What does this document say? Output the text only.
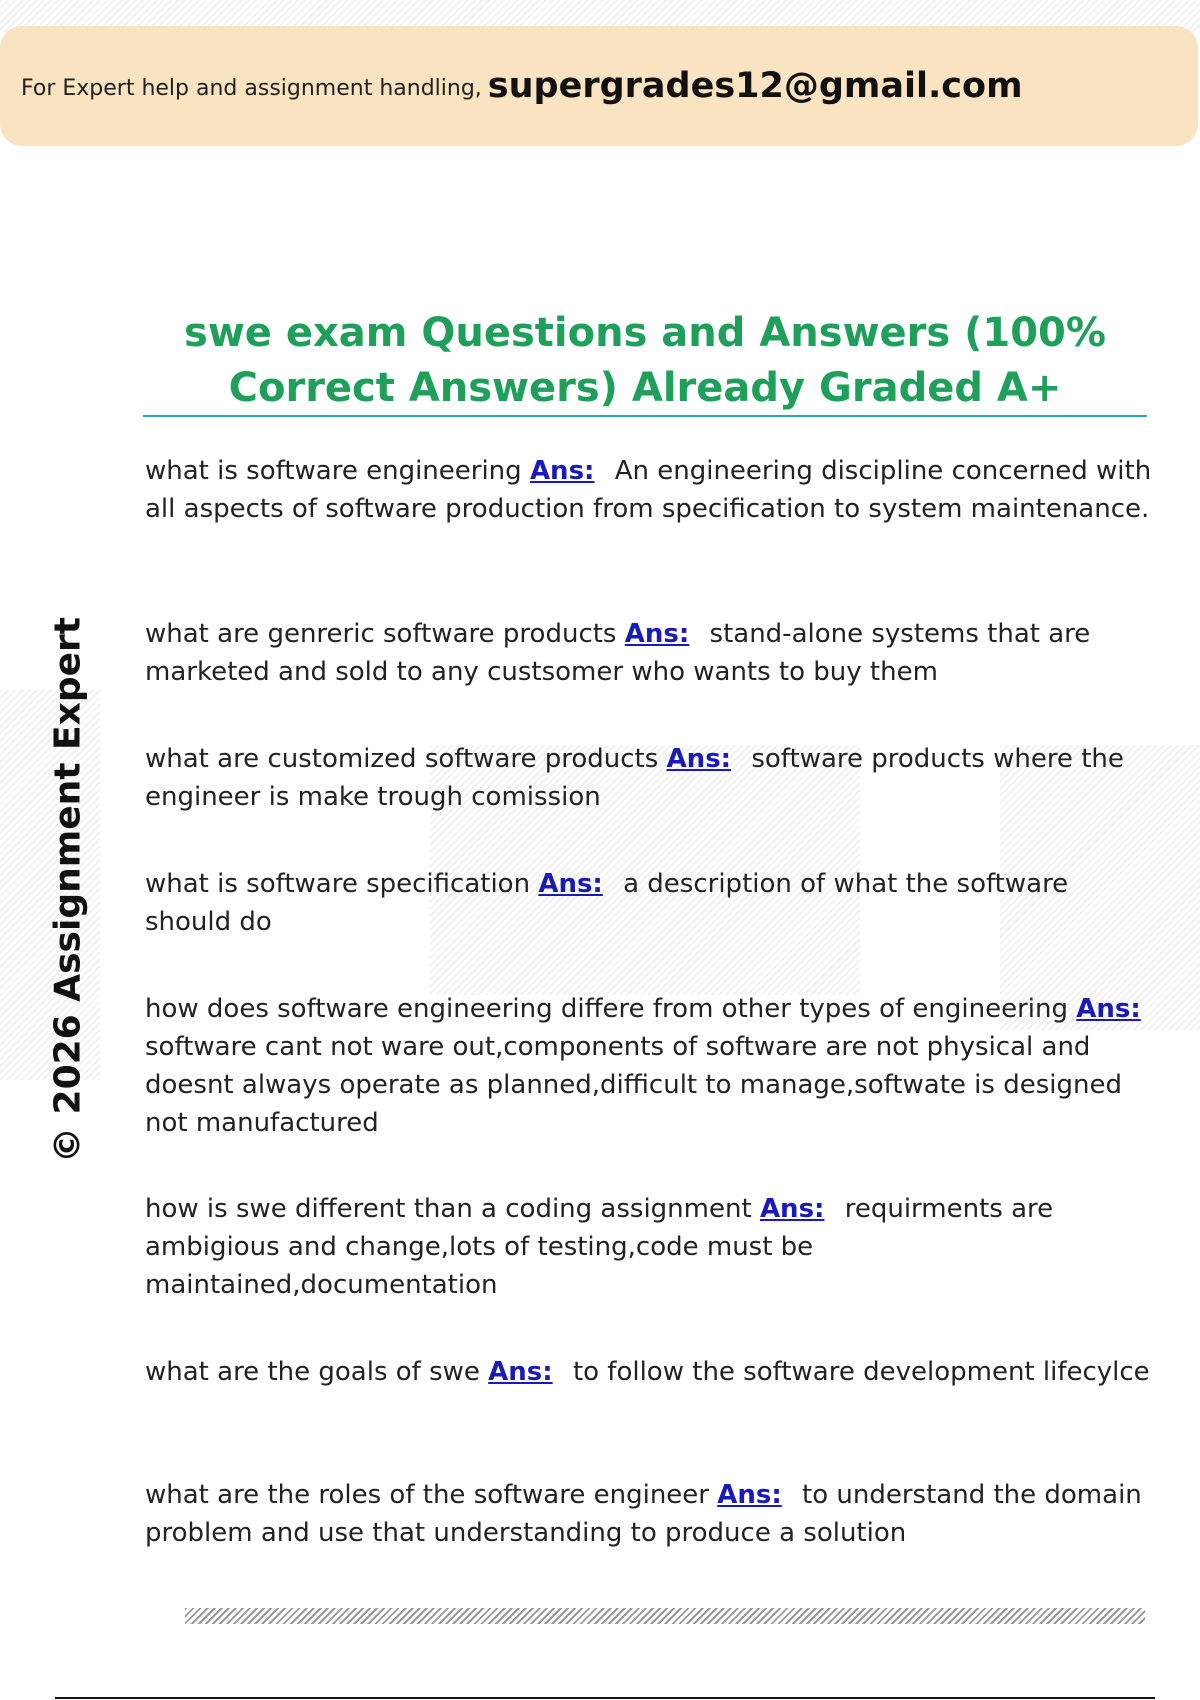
For Expert help and assignment handling, supergrades12@gmail.com
© 2026 Assignment Expert
swe exam Questions and Answers (100% Correct Answers) Already Graded A+
what is software engineering Ans: An engineering discipline concerned with all aspects of software production from specification to system maintenance.
what are genreric software products Ans: stand-alone systems that are marketed and sold to any custsomer who wants to buy them
what are customized software products Ans: software products where the engineer is make trough comission
what is software specification Ans: a description of what the software should do
how does software engineering differe from other types of engineering Ans: software cant not ware out,components of software are not physical and doesnt always operate as planned,difficult to manage,softwate is designed not manufactured
how is swe different than a coding assignment Ans: requirments are ambigious and change,lots of testing,code must be maintained,documentation
what are the goals of swe Ans: to follow the software development lifecylce
what are the roles of the software engineer Ans: to understand the domain problem and use that understanding to produce a solution
